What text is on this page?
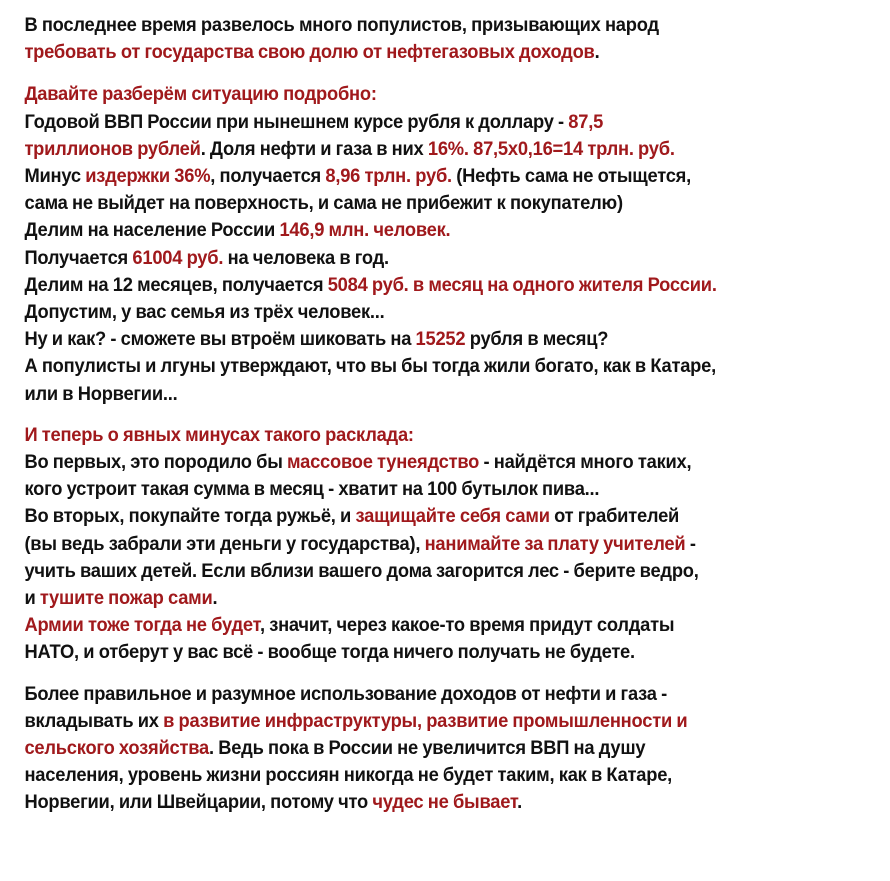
В последнее время развелось много популистов, призывающих народ
требовать от государства свою долю от нефтегазовых доходов.

Давайте разберём ситуацию подробно:
Годовой ВВП России при нынешнем курсе рубля к доллару - 87,5
триллионов рублей. Доля нефти и газа в них 16%. 87,5x0,16=14 трлн. руб.
Минус издержки 36%, получается 8,96 трлн. руб. (Нефть сама не отыщется,
сама не выйдет на поверхность, и сама не прибежит к покупателю)
Делим на население России 146,9 млн. человек.
Получается 61004 руб. на человека в год.
Делим на 12 месяцев, получается 5084 руб. в месяц на одного жителя России.
Допустим, у вас семья из трёх человек...
Ну и как? - сможете вы втроём шиковать на 15252 рубля в месяц?
А популисты и лгуны утверждают, что вы бы тогда жили богато, как в Катаре,
или в Норвегии...

И теперь о явных минусах такого расклада:
Во первых, это породило бы массовое тунеядство - найдётся много таких,
кого устроит такая сумма в месяц - хватит на 100 бутылок пива...
Во вторых, покупайте тогда ружьё, и защищайте себя сами от грабителей
(вы ведь забрали эти деньги у государства), нанимайте за плату учителей -
учить ваших детей. Если вблизи вашего дома загорится лес - берите ведро,
и тушите пожар сами.
Армии тоже тогда не будет, значит, через какое-то время придут солдаты
НАТО, и отберут у вас всё - вообще тогда ничего получать не будете.

Более правильное и разумное использование доходов от нефти и газа -
вкладывать их в развитие инфраструктуры, развитие промышленности и
сельского хозяйства. Ведь пока в России не увеличится ВВП на душу
населения, уровень жизни россиян никогда не будет таким, как в Катаре,
Норвегии, или Швейцарии, потому что чудес не бывает.
